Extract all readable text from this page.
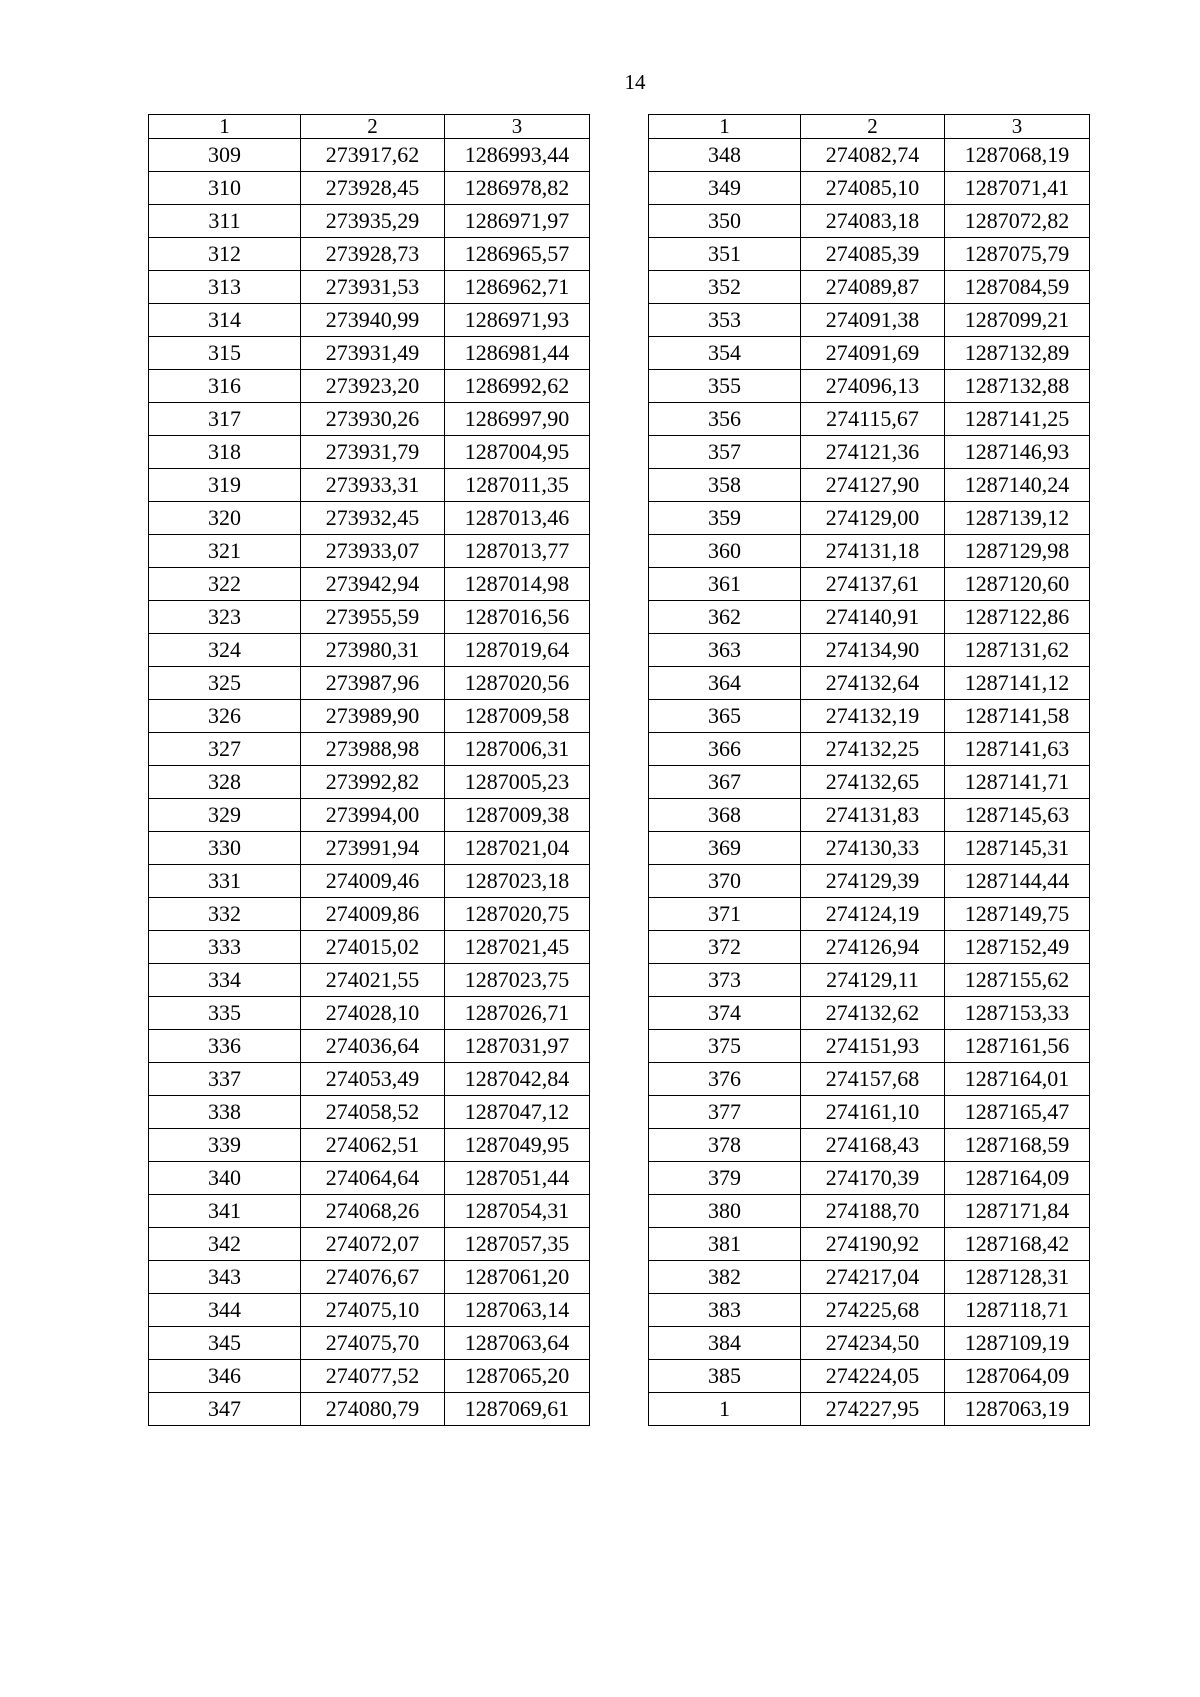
14
1	2	3
309	273917,62	1286993,44
310	273928,45	1286978,82
311	273935,29	1286971,97
312	273928,73	1286965,57
313	273931,53	1286962,71
314	273940,99	1286971,93
315	273931,49	1286981,44
316	273923,20	1286992,62
317	273930,26	1286997,90
318	273931,79	1287004,95
319	273933,31	1287011,35
320	273932,45	1287013,46
321	273933,07	1287013,77
322	273942,94	1287014,98
323	273955,59	1287016,56
324	273980,31	1287019,64
325	273987,96	1287020,56
326	273989,90	1287009,58
327	273988,98	1287006,31
328	273992,82	1287005,23
329	273994,00	1287009,38
330	273991,94	1287021,04
331	274009,46	1287023,18
332	274009,86	1287020,75
333	274015,02	1287021,45
334	274021,55	1287023,75
335	274028,10	1287026,71
336	274036,64	1287031,97
337	274053,49	1287042,84
338	274058,52	1287047,12
339	274062,51	1287049,95
340	274064,64	1287051,44
341	274068,26	1287054,31
342	274072,07	1287057,35
343	274076,67	1287061,20
344	274075,10	1287063,14
345	274075,70	1287063,64
346	274077,52	1287065,20
347	274080,79	1287069,61
1	2	3
348	274082,74	1287068,19
349	274085,10	1287071,41
350	274083,18	1287072,82
351	274085,39	1287075,79
352	274089,87	1287084,59
353	274091,38	1287099,21
354	274091,69	1287132,89
355	274096,13	1287132,88
356	274115,67	1287141,25
357	274121,36	1287146,93
358	274127,90	1287140,24
359	274129,00	1287139,12
360	274131,18	1287129,98
361	274137,61	1287120,60
362	274140,91	1287122,86
363	274134,90	1287131,62
364	274132,64	1287141,12
365	274132,19	1287141,58
366	274132,25	1287141,63
367	274132,65	1287141,71
368	274131,83	1287145,63
369	274130,33	1287145,31
370	274129,39	1287144,44
371	274124,19	1287149,75
372	274126,94	1287152,49
373	274129,11	1287155,62
374	274132,62	1287153,33
375	274151,93	1287161,56
376	274157,68	1287164,01
377	274161,10	1287165,47
378	274168,43	1287168,59
379	274170,39	1287164,09
380	274188,70	1287171,84
381	274190,92	1287168,42
382	274217,04	1287128,31
383	274225,68	1287118,71
384	274234,50	1287109,19
385	274224,05	1287064,09
1	274227,95	1287063,19
